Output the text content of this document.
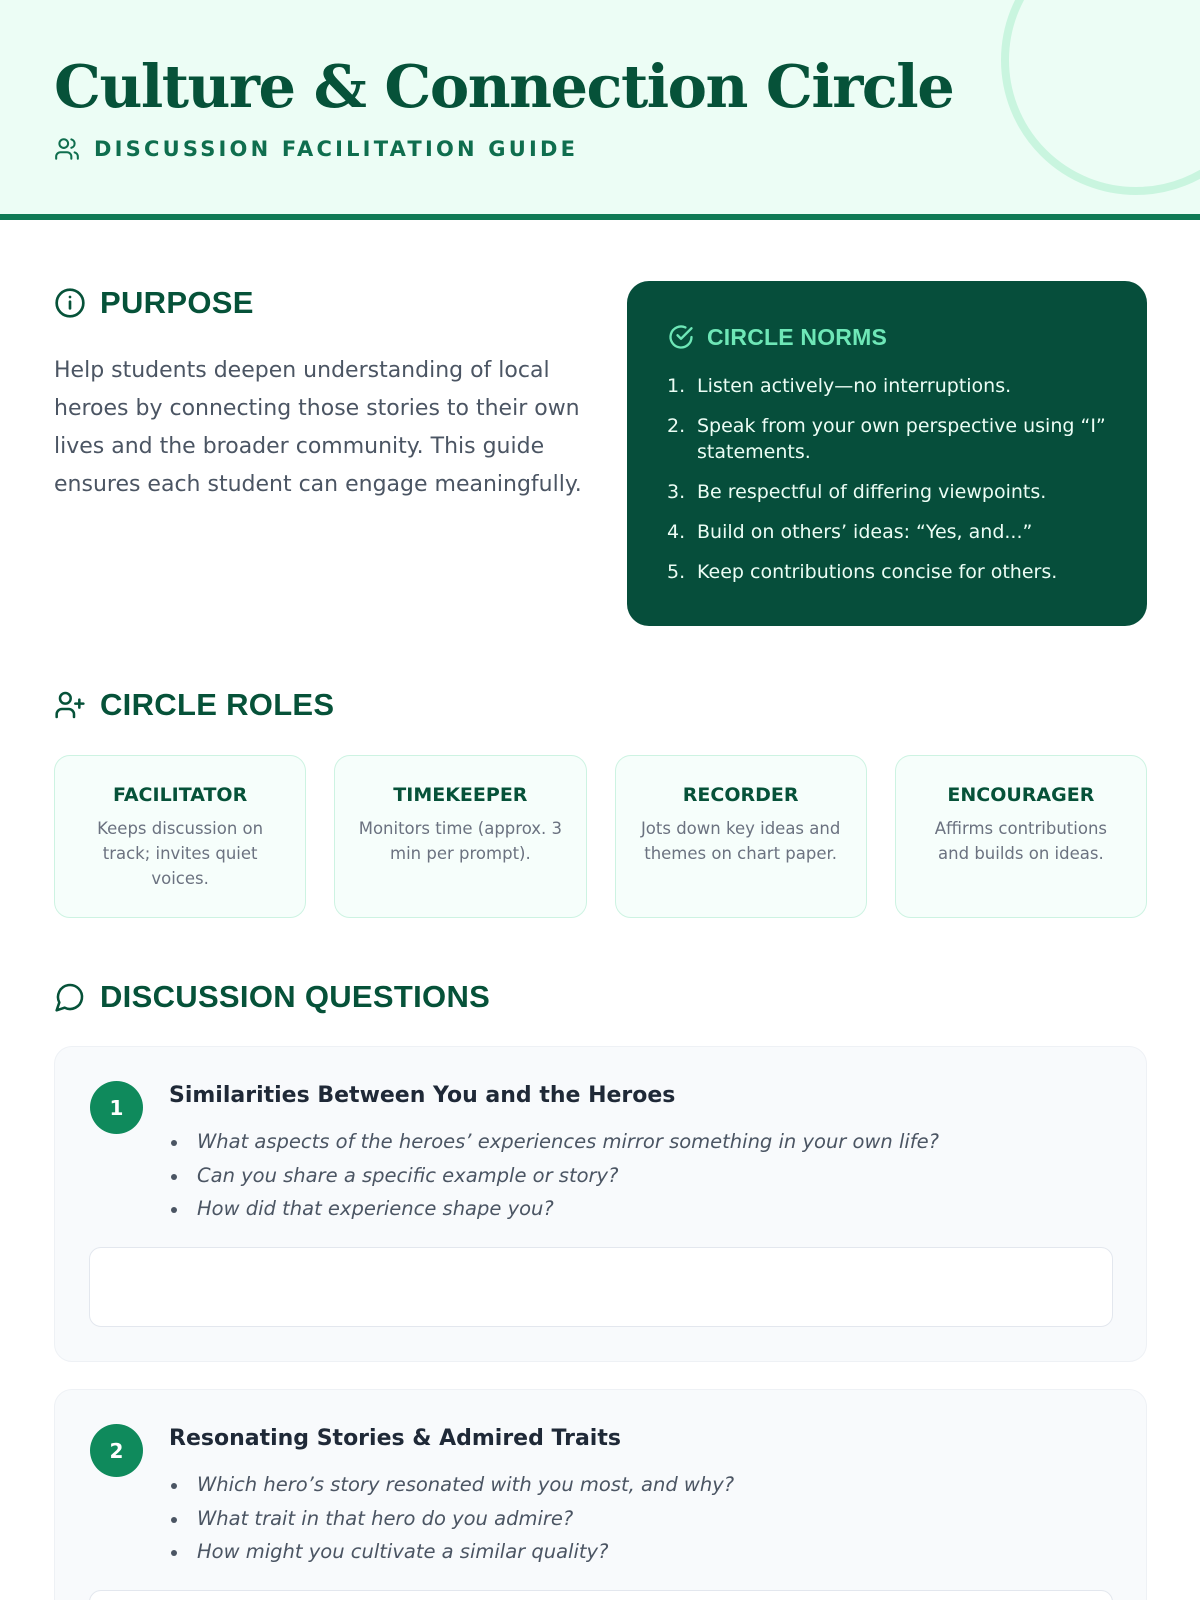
Culture & Connection Circle
DISCUSSION FACILITATION GUIDE
PURPOSE

Help students deepen understanding of local heroes by connecting those stories to their own lives and the broader community. This guide ensures each student can engage meaningfully.

CIRCLE NORMS
1. Listen actively—no interruptions.
2. Speak from your own perspective using “I” statements.
3. Be respectful of differing viewpoints.
4. Build on others’ ideas: “Yes, and...”
5. Keep contributions concise for others.
CIRCLE ROLES
FACILITATOR
Keeps discussion on track; invites quiet voices.
TIMEKEEPER
Monitors time (approx. 3 min per prompt).
RECORDER
Jots down key ideas and themes on chart paper.
ENCOURAGER
Affirms contributions and builds on ideas.
DISCUSSION QUESTIONS
1	Similarities Between You and the Heroes
What aspects of the heroes’ experiences mirror something in your own life?
Can you share a specific example or story?
How did that experience shape you?
2	Resonating Stories & Admired Traits
Which hero’s story resonated with you most, and why?
What trait in that hero do you admire?
How might you cultivate a similar quality?
